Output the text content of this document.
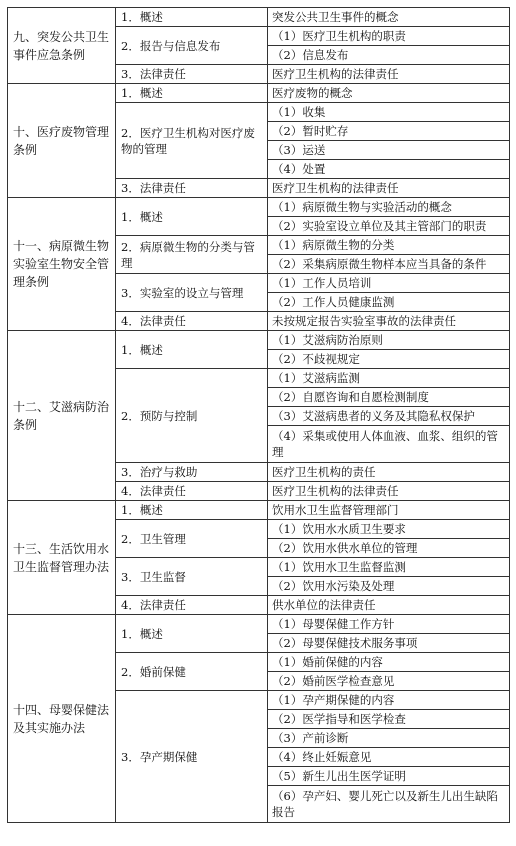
九、突发公共卫生事件应急条例	1．概述	突发公共卫生事件的概念
	2．报告与信息发布	（1）医疗卫生机构的职责
		（2）信息发布
	3．法律责任	医疗卫生机构的法律责任
十、医疗废物管理条例	1．概述	医疗废物的概念
	2．医疗卫生机构对医疗废物的管理	（1）收集
		（2）暂时贮存
		（3）运送
		（4）处置
	3．法律责任	医疗卫生机构的法律责任
十一、病原微生物实验室生物安全管理条例	1．概述	（1）病原微生物与实验活动的概念
		（2）实验室设立单位及其主管部门的职责
	2．病原微生物的分类与管理	（1）病原微生物的分类
		（2）采集病原微生物样本应当具备的条件
	3．实验室的设立与管理	（1）工作人员培训
		（2）工作人员健康监测
	4．法律责任	未按规定报告实验室事故的法律责任
十二、艾滋病防治条例	1．概述	（1）艾滋病防治原则
		（2）不歧视规定
	2．预防与控制	（1）艾滋病监测
		（2）自愿咨询和自愿检测制度
		（3）艾滋病患者的义务及其隐私权保护
		（4）采集或使用人体血液、血浆、组织的管理
	3．治疗与救助	医疗卫生机构的责任
	4．法律责任	医疗卫生机构的法律责任
十三、生活饮用水卫生监督管理办法	1．概述	饮用水卫生监督管理部门
	2．卫生管理	（1）饮用水水质卫生要求
		（2）饮用水供水单位的管理
	3．卫生监督	（1）饮用水卫生监督监测
		（2）饮用水污染及处理
	4．法律责任	供水单位的法律责任
十四、母婴保健法及其实施办法	1．概述	（1）母婴保健工作方针
		（2）母婴保健技术服务事项
	2．婚前保健	（1）婚前保健的内容
		（2）婚前医学检查意见
	3．孕产期保健	（1）孕产期保健的内容
		（2）医学指导和医学检查
		（3）产前诊断
		（4）终止妊娠意见
		（5）新生儿出生医学证明
		（6）孕产妇、婴儿死亡以及新生儿出生缺陷报告
